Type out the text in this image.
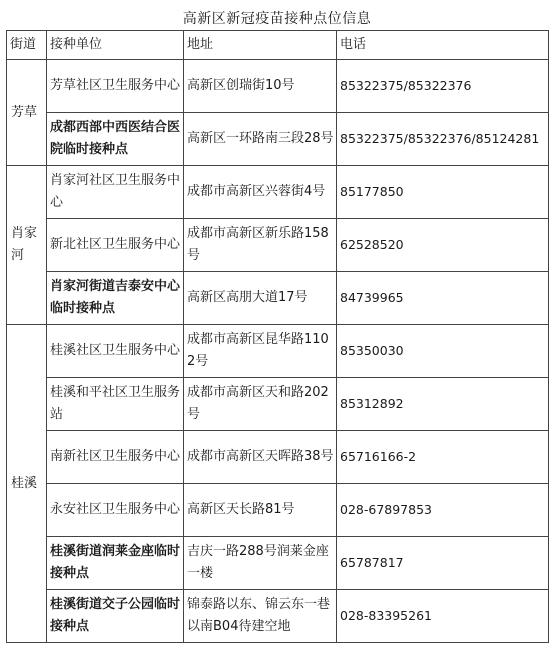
高新区新冠疫苗接种点位信息
街道	接种单位	地址	电话
芳草	芳草社区卫生服务中心	高新区创瑞街10号	85322375/85322376
	成都西部中西医结合医院临时接种点	高新区一环路南三段28号	85322375/85322376/85124281
肖家河	肖家河社区卫生服务中心	成都市高新区兴蓉街4号	85177850
	新北社区卫生服务中心	成都市高新区新乐路158号	62528520
	肖家河街道吉泰安中心临时接种点	高新区高朋大道17号	84739965
桂溪	桂溪社区卫生服务中心	成都市高新区昆华路1102号	85350030
	桂溪和平社区卫生服务站	成都市高新区天和路202号	85312892
	南新社区卫生服务中心	成都市高新区天晖路38号	65716166-2
	永安社区卫生服务中心	高新区天长路81号	028-67897853
	桂溪街道润莱金座临时接种点	吉庆一路288号润莱金座一楼	65787817
	桂溪街道交子公园临时接种点	锦泰路以东、锦云东一巷以南B04待建空地	028-83395261
